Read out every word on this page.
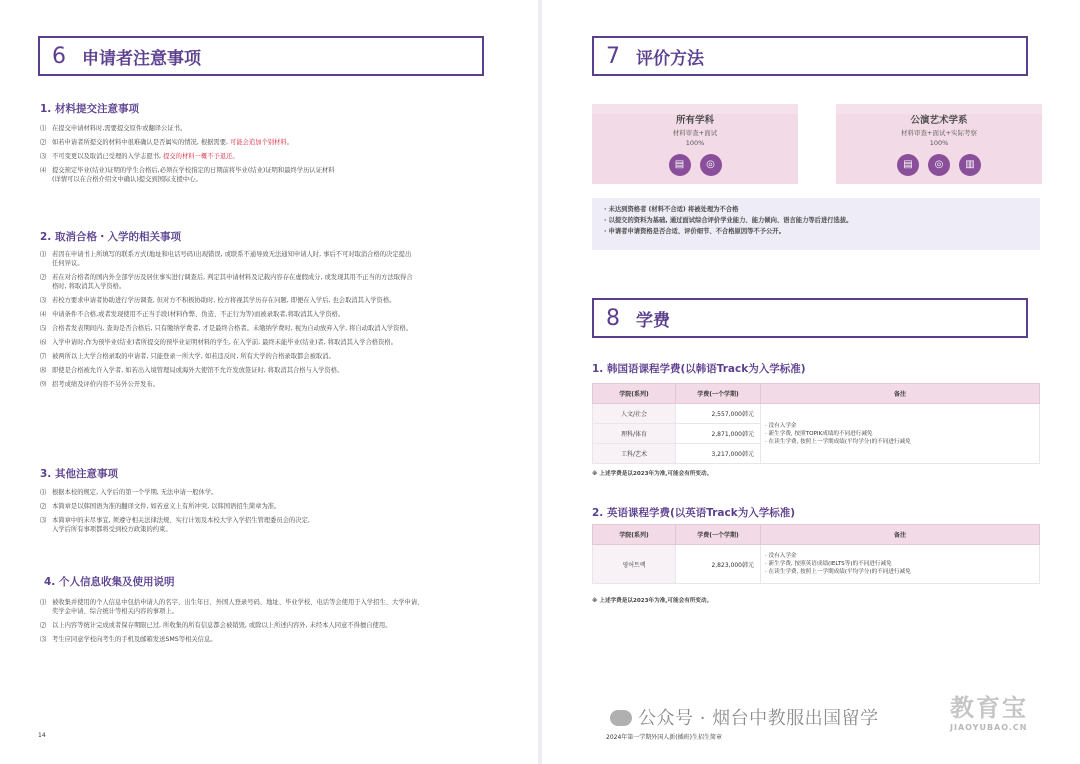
6 申请者注意事项
1. 材料提交注意事项
⑴ 在提交申请材料时,需要提交原件或翻译公证书。
⑵ 如若申请者所提交的材料中很难确认是否属实的情况, 根据需要, 可能会追加个别材料。
⑶ 不可变更以及取消已受理的入学志愿书, 提交的材料一概不予退还。
⑷ 提交预定毕业(结业)证明的学生合格后,必须在学校指定的日期前将毕业(结业)证明和最终学历认证材料
(详情可以在合格介绍文中确认)提交到国际支援中心。
2. 取消合格・入学的相关事项
⑴ 若因在申请书上所填写的联系方式(地址和电话号码)出现错误, 或联系不通导致无法通知申请人时, 事后不可对取消合格的决定提出
任何异议。
⑵ 若在对合格者的国内外全部学历及居住事实进行调查后, 判定其申请材料及记载内容存在虚假成分, 或发现其用不正当的方法取得合
格时, 将取消其入学资格。
⑶ 若校方要求申请者协助进行学历调查, 但对方不积极协助时, 校方将视其学历存在问题, 即便在入学后, 也会取消其入学资格。
⑷ 申请条件不合格,或者发现使用不正当手段(材料作弊、伪造、不正行为等)而被录取者,将取消其入学资格。
⑸ 合格者发表期间内, 查询是否合格后, 只有缴纳学费者, 才是最终合格者。未缴纳学费时, 视为自动放弃入学, 将自动取消入学资格。
⑹ 入学申请时,作为预毕业(结业)者所提交的预毕业证明材料的学生, 在入学前, 最终未能毕业(结业)者, 将取消其入学合格资格。
⑺ 被两所以上大学合格录取的申请者, 只能登录一所大学, 如若违反时, 所有大学的合格录取都会被取消。
⑻ 即使是合格被允许入学者, 如若出入境管理局或海外大使馆不允许发放签证时, 将取消其合格与入学资格。
⑼ 招考成绩及评价内容不另外公开发布。
3. 其他注意事项
⑴ 根据本校的规定, 入学后的第一个学期, 无法申请一般休学。
⑵ 本简章是以韩国语为准的翻译文件, 如若意义上有所冲突, 以韩国语招生简章为准。
⑶ 本简章中的未尽事宜, 须遵守相关法律法规、实行计划及本校大学入学招生管理委员会的决定,
入学后所有事项都将受到校方政策的约束。
4. 个人信息收集及使用说明
⑴ 被收集并使用的个人信息中包括申请人的名字、出生年日、外国人登录号码、地址、毕业学校、电话等会使用于入学招生、大学申请、
奖学金申请、综合统计等相关内容的事项上。
⑵ 以上内容等统计完成或者保存期限已过, 所收集的所有信息都会被销毁, 或除以上所述内容外, 未经本人同意不得擅自使用。
⑶ 考生应同意学校向考生的手机及邮箱发送SMS等相关信息。
14
7 评价方法
所有学科
材料审查+面试
100%
▤	◎
公演艺术学系
材料审查+面试+实际考察
100%
▤	◎	▥
· 未达到资格者 (材料不合适) 将被处理为不合格
· 以提交的资料为基础, 通过面试综合评价学业能力、能力倾向、语言能力等后进行选拔。
· 申请者申请资格是否合适、评价细节、不合格原因等不予公开。
8 学费
1. 韩国语课程学费(以韩语Track为入学标准)
学院(系列)	学费(一个学期)	备注
人文/社会	2,557,000韩元	· 没有入学金
· 新生学费, 按照TOPIK成绩的不同进行减免
· 在读生学费, 按照上一学期成绩(平均学分)的不同进行减免

理科/体育	2,871,000韩元	
工科/艺术	3,217,000韩元	
※ 上述学费是以2023年为准,可能会有所变动。
2. 英语课程学费(以英语Track为入学标准)
学院(系列)	学费(一个学期)	备注
영어트랙	2,823,000韩元	· 没有入学金
· 新生学费, 按照英语成绩(IELTS等)的不同进行减免
· 在读生学费, 按照上一学期成绩(平均学分)的不同进行减免
※ 上述学费是以2023年为准,可能会有所变动。
2024年第一学期外国人新(插班)生招生简章
公众号 · 烟台中教服出国留学	教育宝
JIAOYUBAO.CN
